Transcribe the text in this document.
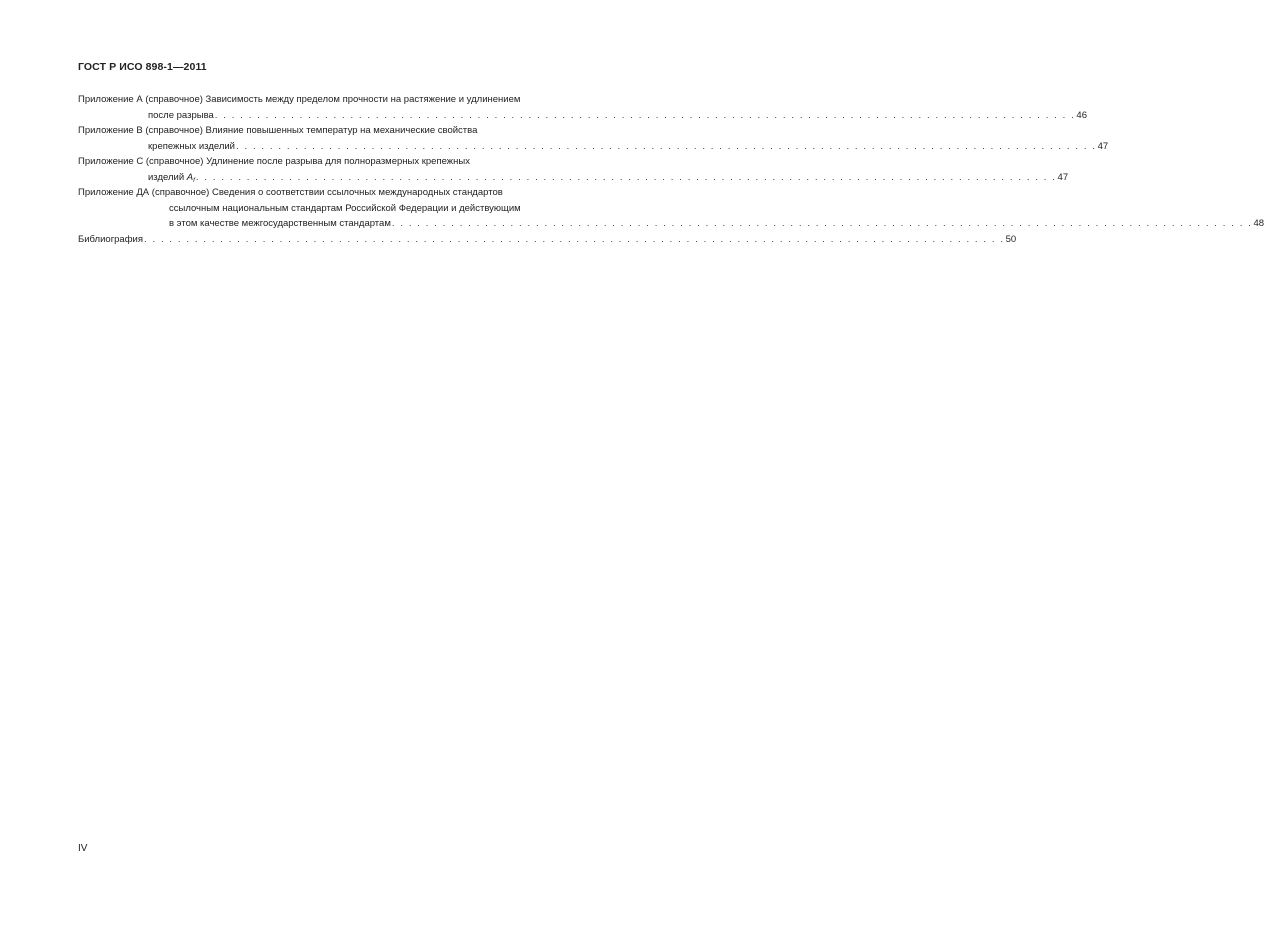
ГОСТ Р ИСО 898-1—2011
Приложение А (справочное) Зависимость между пределом прочности на растяжение и удлинением
после разрыва . . . . . . . . . . . . . . . . . . . . . . . . . . . . . . . . . . . . . . . . . . . . . . . . . . . . . . . . . . . . . . . . . . . . . . . . . . . . . . . . . . . . . . . . . . . . . . . . . . . . . . 46
Приложение В (справочное) Влияние повышенных температур на механические свойства
крепежных изделий . . . . . . . . . . . . . . . . . . . . . . . . . . . . . . . . . . . . . . . . . . . . . . . . . . . . . . . . . . . . . . . . . . . . . . . . . . . . . . . . . . . . . . . . . . . . . . . . . . . . . . 47
Приложение С (справочное) Удлинение после разрыва для полноразмерных крепежных
изделий $A_f$ . . . . . . . . . . . . . . . . . . . . . . . . . . . . . . . . . . . . . . . . . . . . . . . . . . . . . . . . . . . . . . . . . . . . . . . . . . . . . . . . . . . . . . . . . . . . . . . . . . . . . . 47
Приложение ДА (справочное) Сведения о соответствии ссылочных международных стандартов
ссылочным национальным стандартам Российской Федерации и действующим
в этом качестве межгосударственным стандартам . . . . . . . . . . . . . . . . . . . . . . . . . . . . . . . . . . . . . . . . . . . . . . . . . . . . . . . . . . . . . . . . . . . . . . . . . . . . . . . . . . . . . . . . . . . . . . . . . . . . . . 48
Библиография . . . . . . . . . . . . . . . . . . . . . . . . . . . . . . . . . . . . . . . . . . . . . . . . . . . . . . . . . . . . . . . . . . . . . . . . . . . . . . . . . . . . . . . . . . . . . . . . . . . . . . 50
IV
